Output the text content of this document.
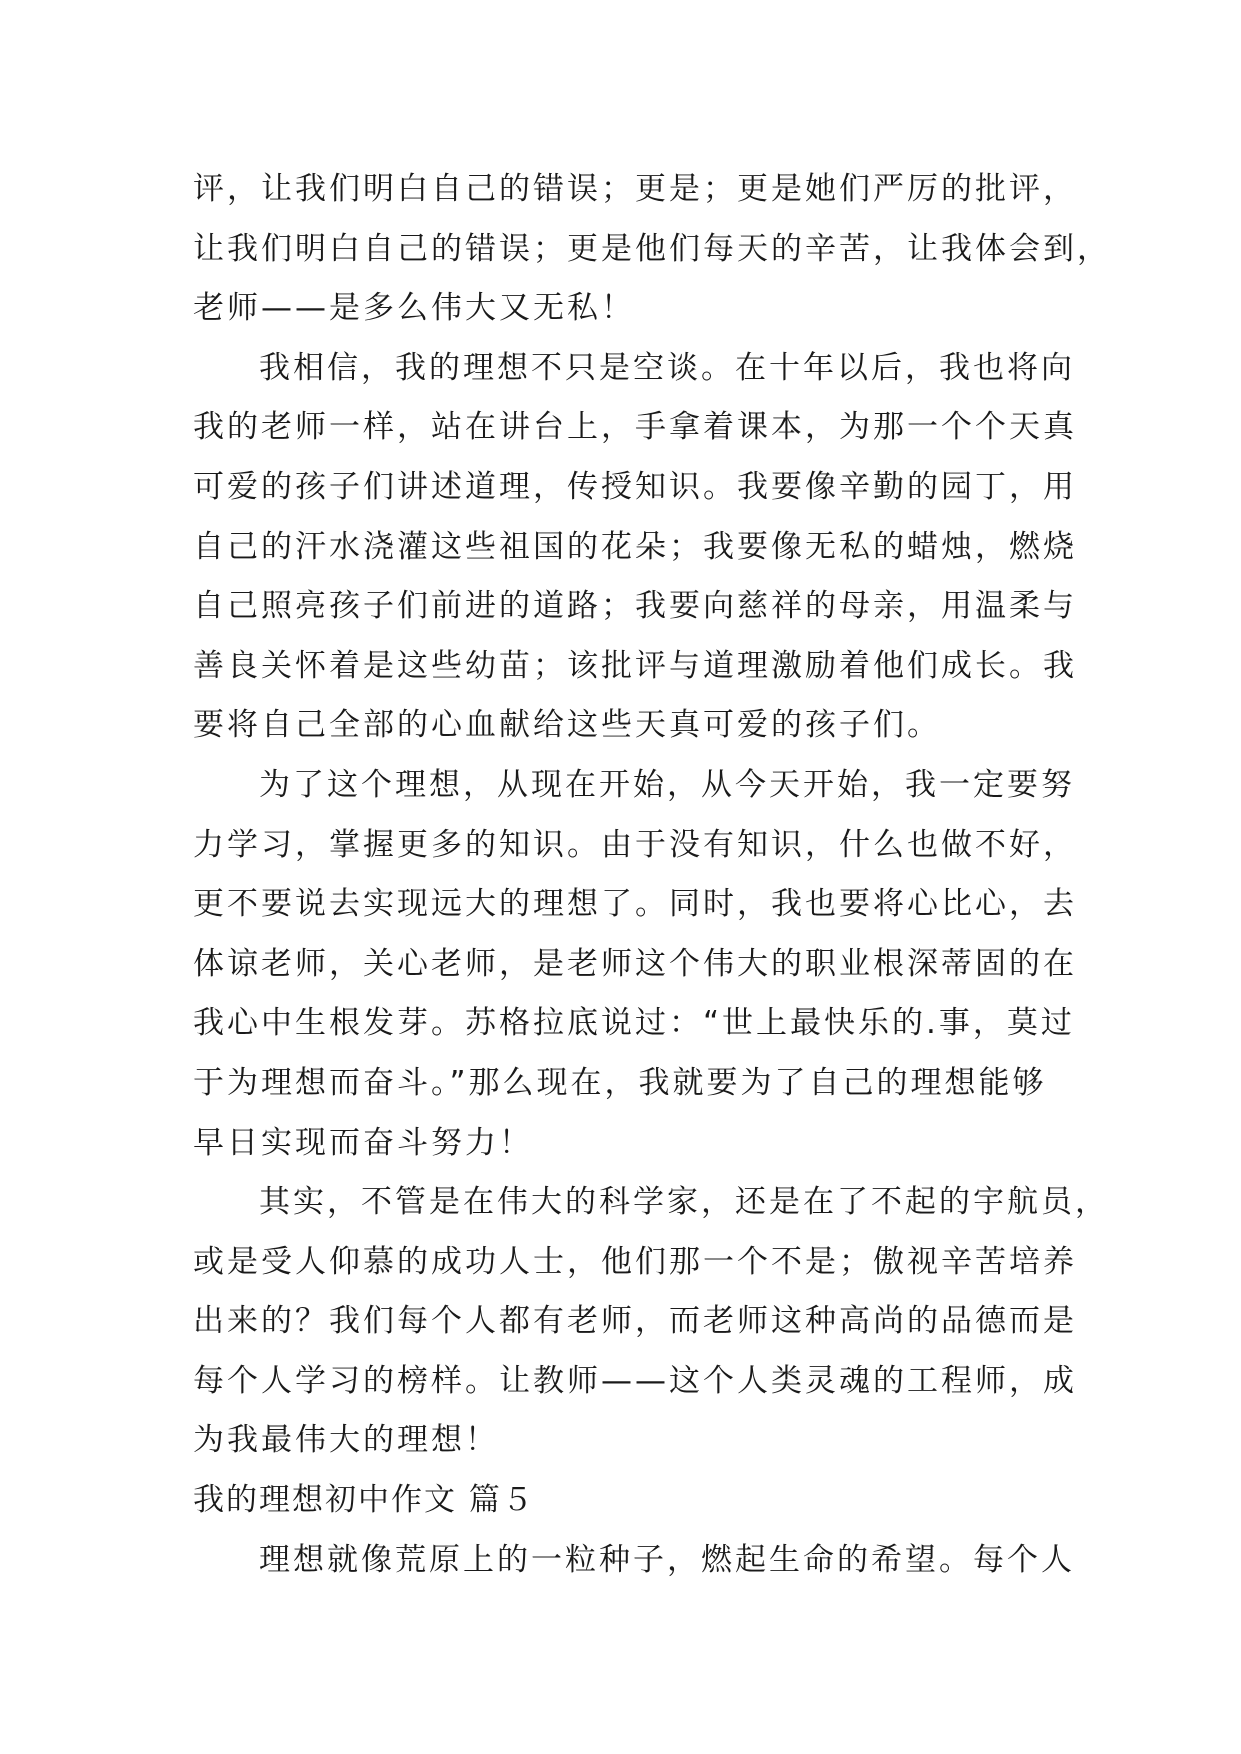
评，让我们明白自己的错误；更是；更是她们严厉的批评，
让我们明白自己的错误；更是他们每天的辛苦，让我体会到，
老师——是多么伟大又无私！
我相信，我的理想不只是空谈。在十年以后，我也将向
我的老师一样，站在讲台上，手拿着课本，为那一个个天真
可爱的孩子们讲述道理，传授知识。我要像辛勤的园丁，用
自己的汗水浇灌这些祖国的花朵；我要像无私的蜡烛，燃烧
自己照亮孩子们前进的道路；我要向慈祥的母亲，用温柔与
善良关怀着是这些幼苗；该批评与道理激励着他们成长。我
要将自己全部的心血献给这些天真可爱的孩子们。
为了这个理想，从现在开始，从今天开始，我一定要努
力学习，掌握更多的知识。由于没有知识，什么也做不好，
更不要说去实现远大的理想了。同时，我也要将心比心，去
体谅老师，关心老师，是老师这个伟大的职业根深蒂固的在
我心中生根发芽。苏格拉底说过：“世上最快乐的.事，莫过
于为理想而奋斗。”那么现在，我就要为了自己的理想能够
早日实现而奋斗努力！
其实，不管是在伟大的科学家，还是在了不起的宇航员，
或是受人仰慕的成功人士，他们那一个不是；傲视辛苦培养
出来的？我们每个人都有老师，而老师这种高尚的品德而是
每个人学习的榜样。让教师——这个人类灵魂的工程师，成
为我最伟大的理想！
我的理想初中作文 篇５
理想就像荒原上的一粒种子，燃起生命的希望。每个人
